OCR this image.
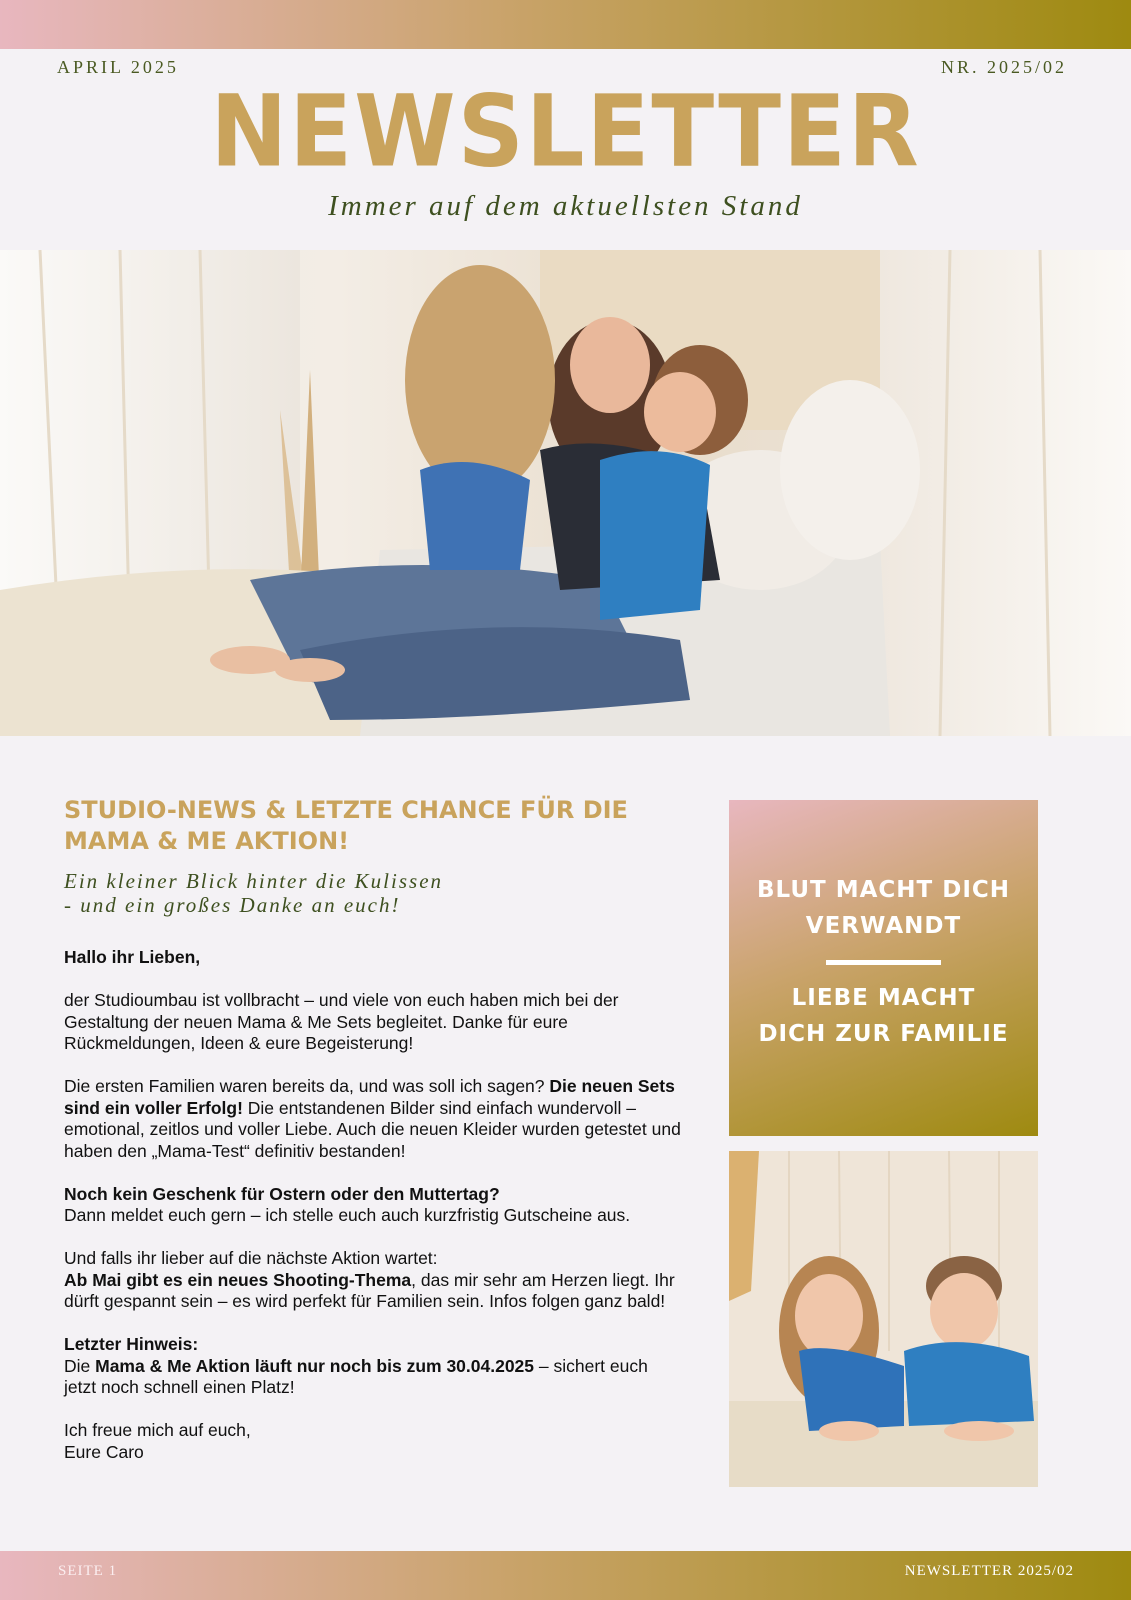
APRIL 2025	NR. 2025/02
NEWSLETTER
Immer auf dem aktuellsten Stand
STUDIO-NEWS & LETZTE CHANCE FÜR DIE
MAMA & ME AKTION!
Ein kleiner Blick hinter die Kulissen
- und ein großes Danke an euch!

Hallo ihr Lieben,

der Studioumbau ist vollbracht – und viele von euch haben mich bei der Gestaltung der neuen Mama & Me Sets begleitet. Danke für eure Rückmeldungen, Ideen & eure Begeisterung!

Die ersten Familien waren bereits da, und was soll ich sagen? Die neuen Sets sind ein voller Erfolg! Die entstandenen Bilder sind einfach wundervoll – emotional, zeitlos und voller Liebe. Auch die neuen Kleider wurden getestet und haben den „Mama-Test“ definitiv bestanden!

Noch kein Geschenk für Ostern oder den Muttertag?
Dann meldet euch gern – ich stelle euch auch kurzfristig Gutscheine aus.

Und falls ihr lieber auf die nächste Aktion wartet:
Ab Mai gibt es ein neues Shooting-Thema, das mir sehr am Herzen liegt. Ihr dürft gespannt sein – es wird perfekt für Familien sein. Infos folgen ganz bald!

Letzter Hinweis:
Die Mama & Me Aktion läuft nur noch bis zum 30.04.2025 – sichert euch jetzt noch schnell einen Platz!

Ich freue mich auf euch,
Eure Caro

BLUT MACHT DICH
VERWANDT
LIEBE MACHT
DICH ZUR FAMILIE
SEITE 1	NEWSLETTER 2025/02
